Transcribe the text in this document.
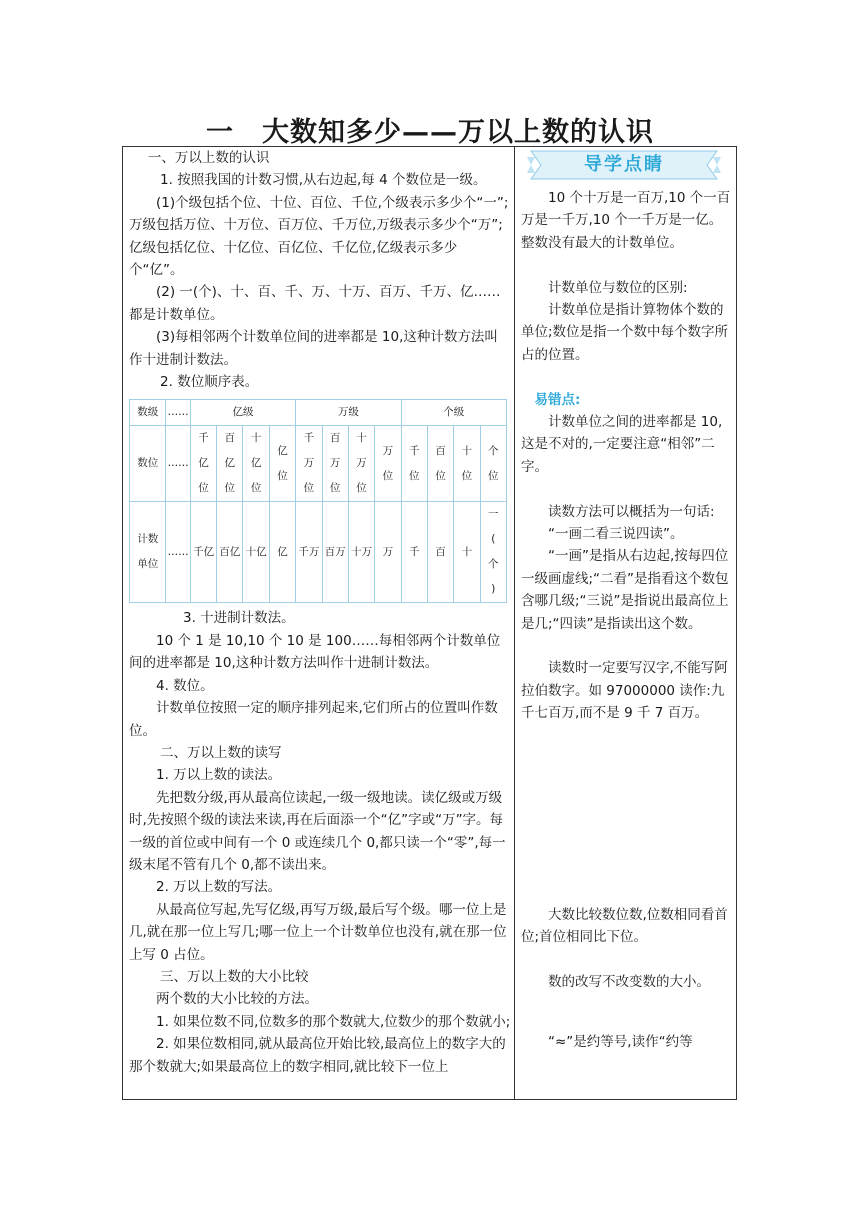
一　大数知多少——万以上数的认识

一、万以上数的认识

1. 按照我国的计数习惯,从右边起,每 4 个数位是一级。

(1)个级包括个位、十位、百位、千位,个级表示多少个“一”;万级包括万位、十万位、百万位、千万位,万级表示多少个“万”;亿级包括亿位、十亿位、百亿位、千亿位,亿级表示多少个“亿”。

(2) 一(个)、十、百、千、万、十万、百万、千万、亿……都是计数单位。

(3)每相邻两个计数单位间的进率都是 10,这种计数方法叫作十进制计数法。

2. 数位顺序表。

数级	……	亿级				万级				个级			
数位	……	千
亿
位	百
亿
位	十
亿
位	亿
位	千
万
位	百
万
位	十
万
位	万
位	千
位	百
位	十
位	个
位
计数
单位	……	千亿	百亿	十亿	亿	千万	百万	十万	万	千	百	十	一
(
个
)

3. 十进制计数法。

10 个 1 是 10,10 个 10 是 100……每相邻两个计数单位间的进率都是 10,这种计数方法叫作十进制计数法。

4. 数位。

计数单位按照一定的顺序排列起来,它们所占的位置叫作数位。

二、万以上数的读写

1. 万以上数的读法。

先把数分级,再从最高位读起,一级一级地读。读亿级或万级时,先按照个级的读法来读,再在后面添一个“亿”字或“万”字。每一级的首位或中间有一个 0 或连续几个 0,都只读一个“零”,每一级末尾不管有几个 0,都不读出来。

2. 万以上数的写法。

从最高位写起,先写亿级,再写万级,最后写个级。哪一位上是几,就在那一位上写几;哪一位上一个计数单位也没有,就在那一位上写 0 占位。

三、万以上数的大小比较

两个数的大小比较的方法。

1. 如果位数不同,位数多的那个数就大,位数少的那个数就小;

2. 如果位数相同,就从最高位开始比较,最高位上的数字大的那个数就大;如果最高位上的数字相同,就比较下一位上

导学点睛

10 个十万是一百万,10 个一百万是一千万,10 个一千万是一亿。整数没有最大的计数单位。

计数单位与数位的区别:

计数单位是指计算物体个数的单位;数位是指一个数中每个数字所占的位置。

易错点:

计数单位之间的进率都是 10,这是不对的,一定要注意“相邻”二字。

读数方法可以概括为一句话:

“一画二看三说四读”。

“一画”是指从右边起,按每四位一级画虚线;“二看”是指看这个数包含哪几级;“三说”是指说出最高位上是几;“四读”是指读出这个数。

读数时一定要写汉字,不能写阿拉伯数字。如 97000000 读作:九千七百万,而不是 9 千 7 百万。

大数比较数位数,位数相同看首位;首位相同比下位。

数的改写不改变数的大小。

“≈”是约等号,读作“约等
